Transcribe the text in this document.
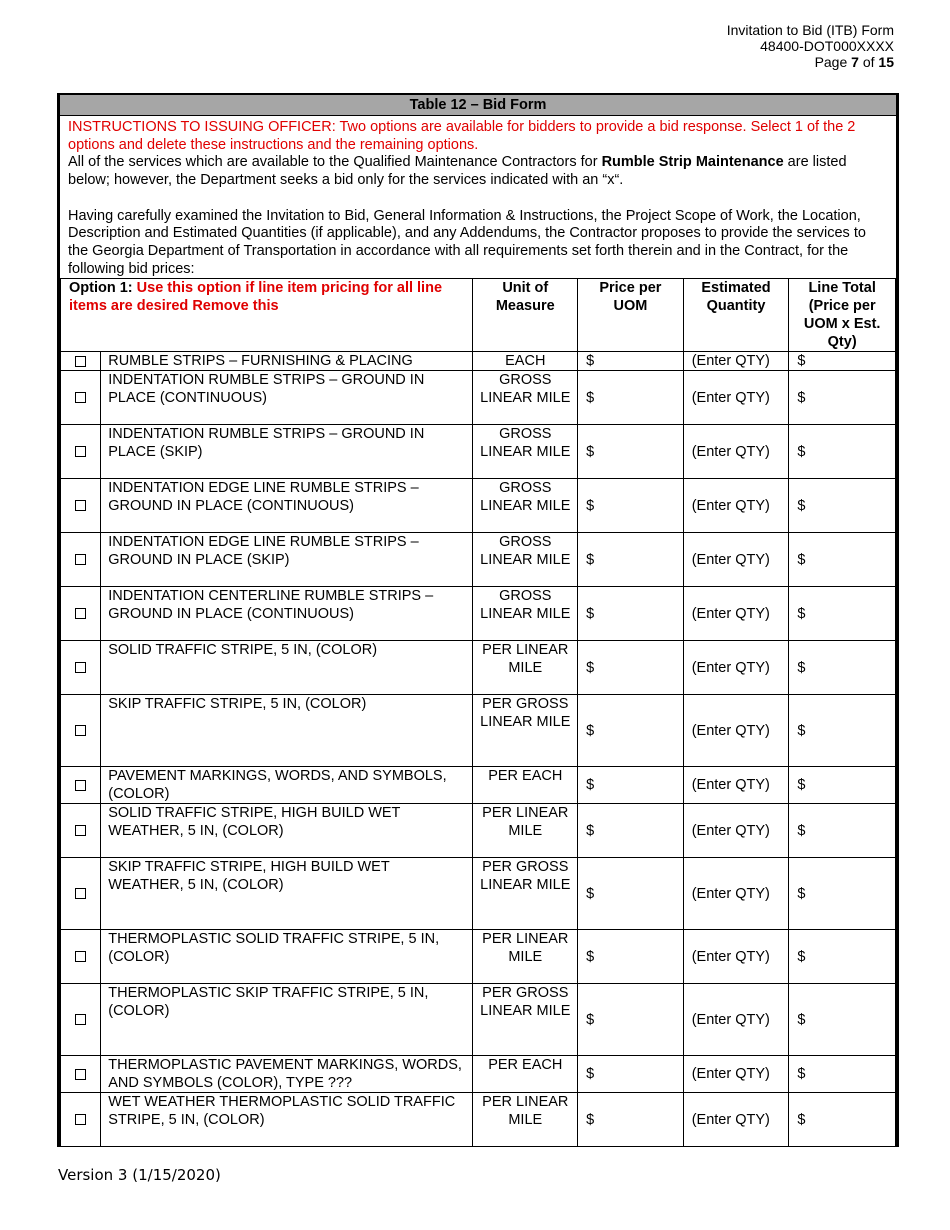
Invitation to Bid (ITB) Form
48400-DOT000XXXX
Page 7 of 15
Table 12 – Bid Form

INSTRUCTIONS TO ISSUING OFFICER: Two options are available for bidders to provide a bid response. Select 1 of the 2 options and delete these instructions and the remaining options.

All of the services which are available to the Qualified Maintenance Contractors for Rumble Strip Maintenance are listed below; however, the Department seeks a bid only for the services indicated with an “x“.

Having carefully examined the Invitation to Bid, General Information & Instructions, the Project Scope of Work, the Location, Description and Estimated Quantities (if applicable), and any Addendums, the Contractor proposes to provide the services to the Georgia Department of Transportation in accordance with all requirements set forth therein and in the Contract, for the following bid prices:

Option 1: Use this option if line item pricing for all line items are desired Remove this		Unit of Measure	Price per UOM	Estimated Quantity	Line Total (Price per UOM x Est. Qty)
	RUMBLE STRIPS – FURNISHING & PLACING	EACH	$	(Enter QTY)	$
	INDENTATION RUMBLE STRIPS – GROUND IN PLACE (CONTINUOUS)	GROSS LINEAR MILE	$	(Enter QTY)	$
	INDENTATION RUMBLE STRIPS – GROUND IN PLACE (SKIP)	GROSS LINEAR MILE	$	(Enter QTY)	$
	INDENTATION EDGE LINE RUMBLE STRIPS – GROUND IN PLACE (CONTINUOUS)	GROSS LINEAR MILE	$	(Enter QTY)	$
	INDENTATION EDGE LINE RUMBLE STRIPS – GROUND IN PLACE (SKIP)	GROSS LINEAR MILE	$	(Enter QTY)	$
	INDENTATION CENTERLINE RUMBLE STRIPS – GROUND IN PLACE (CONTINUOUS)	GROSS LINEAR MILE	$	(Enter QTY)	$
	SOLID TRAFFIC STRIPE, 5 IN, (COLOR)	PER LINEAR MILE	$	(Enter QTY)	$
	SKIP TRAFFIC STRIPE, 5 IN, (COLOR)	PER GROSS LINEAR MILE	$	(Enter QTY)	$
	PAVEMENT MARKINGS, WORDS, AND SYMBOLS, (COLOR)	PER EACH	$	(Enter QTY)	$
	SOLID TRAFFIC STRIPE, HIGH BUILD WET WEATHER, 5 IN, (COLOR)	PER LINEAR MILE	$	(Enter QTY)	$
	SKIP TRAFFIC STRIPE, HIGH BUILD WET WEATHER, 5 IN, (COLOR)	PER GROSS LINEAR MILE	$	(Enter QTY)	$
	THERMOPLASTIC SOLID TRAFFIC STRIPE, 5 IN, (COLOR)	PER LINEAR MILE	$	(Enter QTY)	$
	THERMOPLASTIC SKIP TRAFFIC STRIPE, 5 IN, (COLOR)	PER GROSS LINEAR MILE	$	(Enter QTY)	$
	THERMOPLASTIC PAVEMENT MARKINGS, WORDS, AND SYMBOLS (COLOR), TYPE ???	PER EACH	$	(Enter QTY)	$
	WET WEATHER THERMOPLASTIC SOLID TRAFFIC STRIPE, 5 IN, (COLOR)	PER LINEAR MILE	$	(Enter QTY)	$
Version 3 (1/15/2020)
